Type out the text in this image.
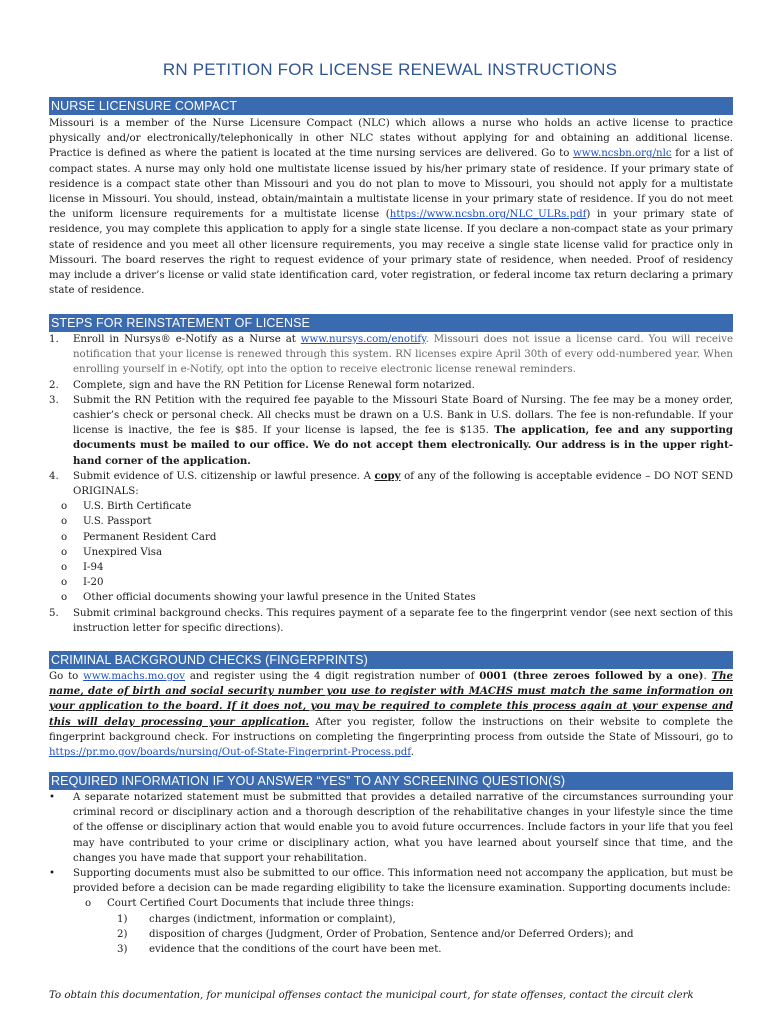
RN PETITION FOR LICENSE RENEWAL INSTRUCTIONS
NURSE LICENSURE COMPACT

Missouri is a member of the Nurse Licensure Compact (NLC) which allows a nurse who holds an active license to practice physically and/or electronically/telephonically in other NLC states without applying for and obtaining an additional license. Practice is defined as where the patient is located at the time nursing services are delivered. Go to www.ncsbn.org/nlc for a list of compact states. A nurse may only hold one multistate license issued by his/her primary state of residence. If your primary state of residence is a compact state other than Missouri and you do not plan to move to Missouri, you should not apply for a multistate license in Missouri. You should, instead, obtain/maintain a multistate license in your primary state of residence. If you do not meet the uniform licensure requirements for a multistate license (https://www.ncsbn.org/NLC_ULRs.pdf) in your primary state of residence, you may complete this application to apply for a single state license. If you declare a non-compact state as your primary state of residence and you meet all other licensure requirements, you may receive a single state license valid for practice only in Missouri. The board reserves the right to request evidence of your primary state of residence, when needed. Proof of residency may include a driver’s license or valid state identification card, voter registration, or federal income tax return declaring a primary state of residence.

STEPS FOR REINSTATEMENT OF LICENSE
1. Enroll in Nursys® e-Notify as a Nurse at www.nursys.com/enotify. Missouri does not issue a license card. You will receive notification that your license is renewed through this system. RN licenses expire April 30th of every odd-numbered year. When enrolling yourself in e-Notify, opt into the option to receive electronic license renewal reminders.
2. Complete, sign and have the RN Petition for License Renewal form notarized.
3. Submit the RN Petition with the required fee payable to the Missouri State Board of Nursing. The fee may be a money order, cashier’s check or personal check. All checks must be drawn on a U.S. Bank in U.S. dollars. The fee is non-refundable. If your license is inactive, the fee is $85. If your license is lapsed, the fee is $135. The application, fee and any supporting documents must be mailed to our office. We do not accept them electronically. Our address is in the upper right-hand corner of the application.
4. Submit evidence of U.S. citizenship or lawful presence. A copy of any of the following is acceptable evidence – DO NOT SEND ORIGINALS:
o U.S. Birth Certificate
o U.S. Passport
o Permanent Resident Card
o Unexpired Visa
o I-94
o I-20
o Other official documents showing your lawful presence in the United States
5. Submit criminal background checks. This requires payment of a separate fee to the fingerprint vendor (see next section of this instruction letter for specific directions).
CRIMINAL BACKGROUND CHECKS (FINGERPRINTS)

Go to www.machs.mo.gov and register using the 4 digit registration number of 0001 (three zeroes followed by a one). The name, date of birth and social security number you use to register with MACHS must match the same information on your application to the board. If it does not, you may be required to complete this process again at your expense and this will delay processing your application. After you register, follow the instructions on their website to complete the fingerprint background check. For instructions on completing the fingerprinting process from outside the State of Missouri, go to https://pr.mo.gov/boards/nursing/Out-of-State-Fingerprint-Process.pdf.

REQUIRED INFORMATION IF YOU ANSWER “YES” TO ANY SCREENING QUESTION(S)
• A separate notarized statement must be submitted that provides a detailed narrative of the circumstances surrounding your criminal record or disciplinary action and a thorough description of the rehabilitative changes in your lifestyle since the time of the offense or disciplinary action that would enable you to avoid future occurrences. Include factors in your life that you feel may have contributed to your crime or disciplinary action, what you have learned about yourself since that time, and the changes you have made that support your rehabilitation.
• Supporting documents must also be submitted to our office. This information need not accompany the application, but must be provided before a decision can be made regarding eligibility to take the licensure examination. Supporting documents include:
o Court Certified Court Documents that include three things:
1) charges (indictment, information or complaint),
2) disposition of charges (Judgment, Order of Probation, Sentence and/or Deferred Orders); and
3) evidence that the conditions of the court have been met.
To obtain this documentation, for municipal offenses contact the municipal court, for state offenses, contact the circuit clerk
